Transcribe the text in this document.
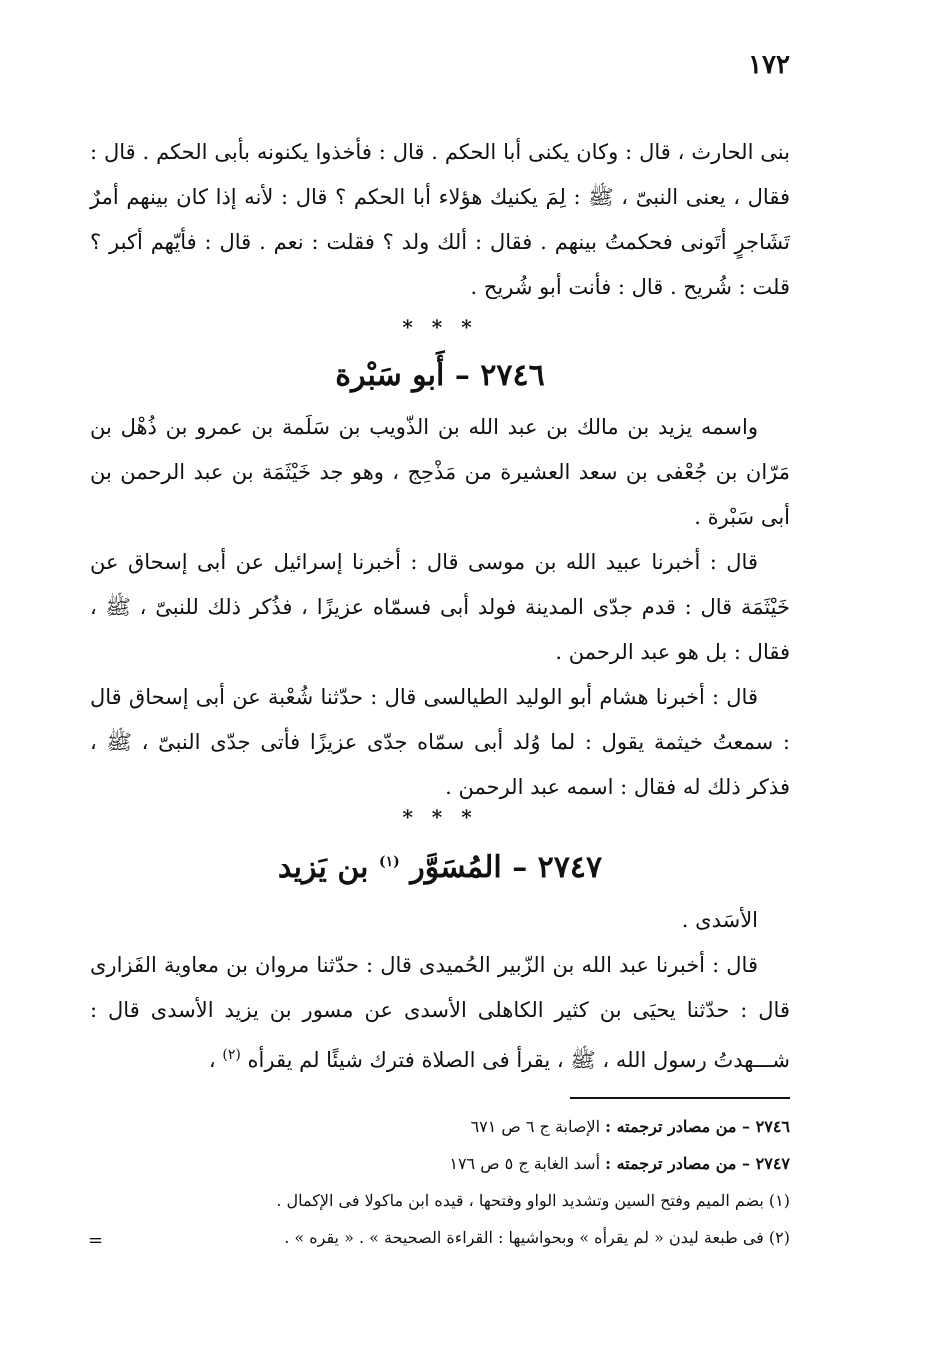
١٧٢

بنى الحارث ، قال : وكان يكنى أبا الحكم . قال : فأخذوا يكنونه بأبى الحكم . قال : فقال ، يعنى النبىّ ، ﷺ : لِمَ يكنيك هؤلاء أبا الحكم ؟ قال : لأنه إذا كان بينهم أمرٌ تَشَاجرٍ أتَونى فحكمتُ بينهم . فقال : ألك ولد ؟ فقلت : نعم . قال : فأيّهم أكبر ؟ قلت : شُريح . قال : فأنت أبو شُريح .

* * *
٢٧٤٦ – أَبو سَبْرة

واسمه يزيد بن مالك بن عبد الله بن الذّويب بن سَلَمة بن عمرو بن ذُهْل بن مَرّان بن جُعْفى بن سعد العشيرة من مَذْحِج ، وهو جد خَيْثَمَة بن عبد الرحمن بن أبى سَبْرة .

قال : أخبرنا عبيد الله بن موسى قال : أخبرنا إسرائيل عن أبى إسحاق عن خَيْثَمَة قال : قدم جدّى المدينة فولد أبى فسمّاه عزيزًا ، فذُكر ذلك للنبىّ ، ﷺ ، فقال : بل هو عبد الرحمن .

قال : أخبرنا هشام أبو الوليد الطيالسى قال : حدّثنا شُعْبة عن أبى إسحاق قال : سمعتُ خيثمة يقول : لما وُلد أبى سمّاه جدّى عزيزًا فأتى جدّى النبىّ ، ﷺ ، فذكر ذلك له فقال : اسمه عبد الرحمن .

* * *
٢٧٤٧ – المُسَوَّر $^{(١)}$ بن يَزيد

الأسَدى .

قال : أخبرنا عبد الله بن الزّبير الحُميدى قال : حدّثنا مروان بن معاوية الفَزارى قال : حدّثنا يحيَى بن كثير الكاهلى الأسدى عن مسور بن يزيد الأسدى قال : شـــهدتُ رسول الله ، ﷺ ، يقرأ فى الصلاة فترك شيئًا لم يقرأه $^{(٢)}$ ،

٢٧٤٦ – من مصادر ترجمته : الإصابة ج ٦ ص ٦٧١

٢٧٤٧ – من مصادر ترجمته : أسد الغابة ج ٥ ص ١٧٦

(١) بضم الميم وفتح السين وتشديد الواو وفتحها ، قيده ابن ماكولا فى الإكمال .

(٢) فى طبعة ليدن « لم يقرأه » وبحواشيها : القراءة الصحيحة » . « يقره » .

=
